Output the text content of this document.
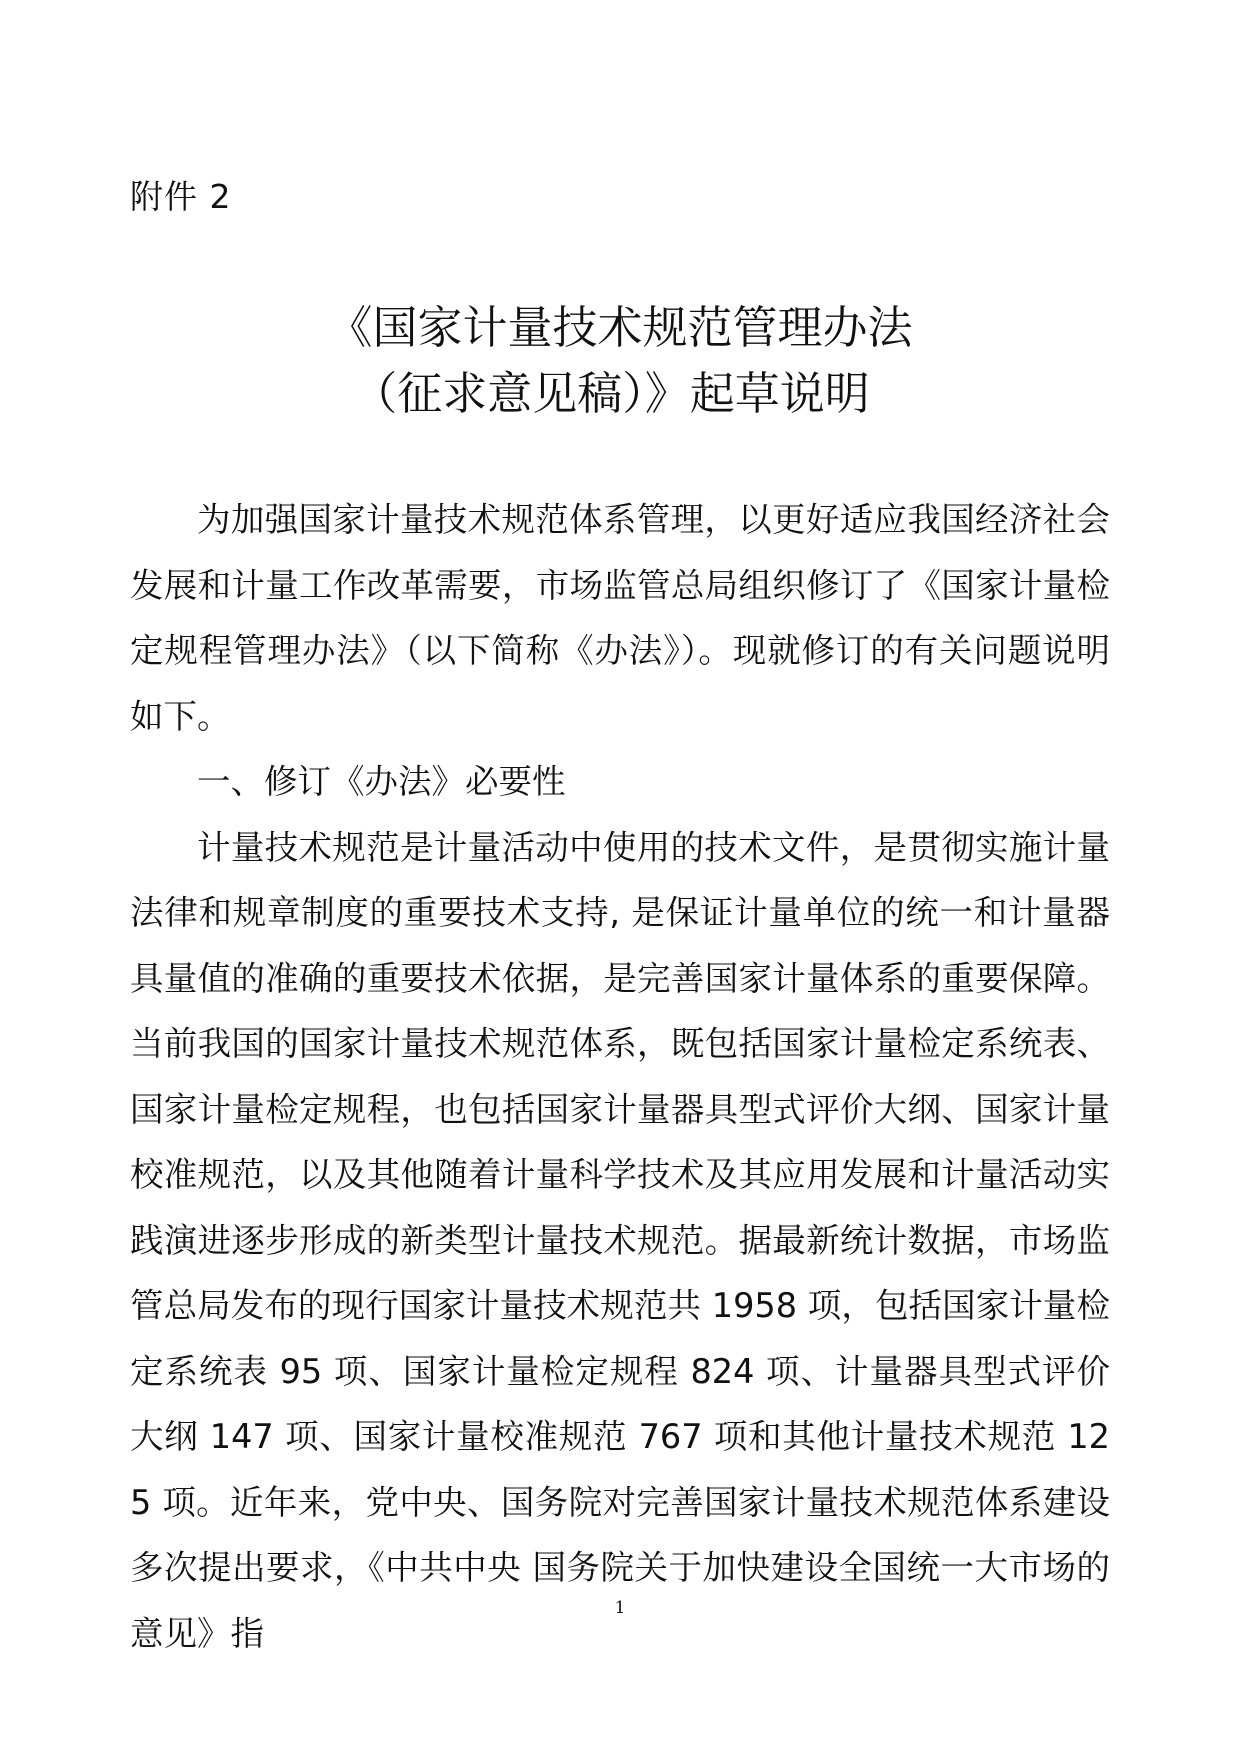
附件 2
《国家计量技术规范管理办法
（征求意见稿）》起草说明

为加强国家计量技术规范体系管理，以更好适应我国经济社会发展和计量工作改革需要，市场监管总局组织修订了《国家计量检定规程管理办法》（以下简称《办法》）。现就修订的有关问题说明如下。

一、修订《办法》必要性

计量技术规范是计量活动中使用的技术文件，是贯彻实施计量法律和规章制度的重要技术支持, 是保证计量单位的统一和计量器具量值的准确的重要技术依据，是完善国家计量体系的重要保障。当前我国的国家计量技术规范体系，既包括国家计量检定系统表、国家计量检定规程，也包括国家计量器具型式评价大纲、国家计量校准规范，以及其他随着计量科学技术及其应用发展和计量活动实践演进逐步形成的新类型计量技术规范。据最新统计数据，市场监管总局发布的现行国家计量技术规范共 1958 项，包括国家计量检定系统表 95 项、国家计量检定规程 824 项、计量器具型式评价大纲 147 项、国家计量校准规范 767 项和其他计量技术规范 125 项。近年来，党中央、国务院对完善国家计量技术规范体系建设多次提出要求，《中共中央 国务院关于加快建设全国统一大市场的意见》指

1
